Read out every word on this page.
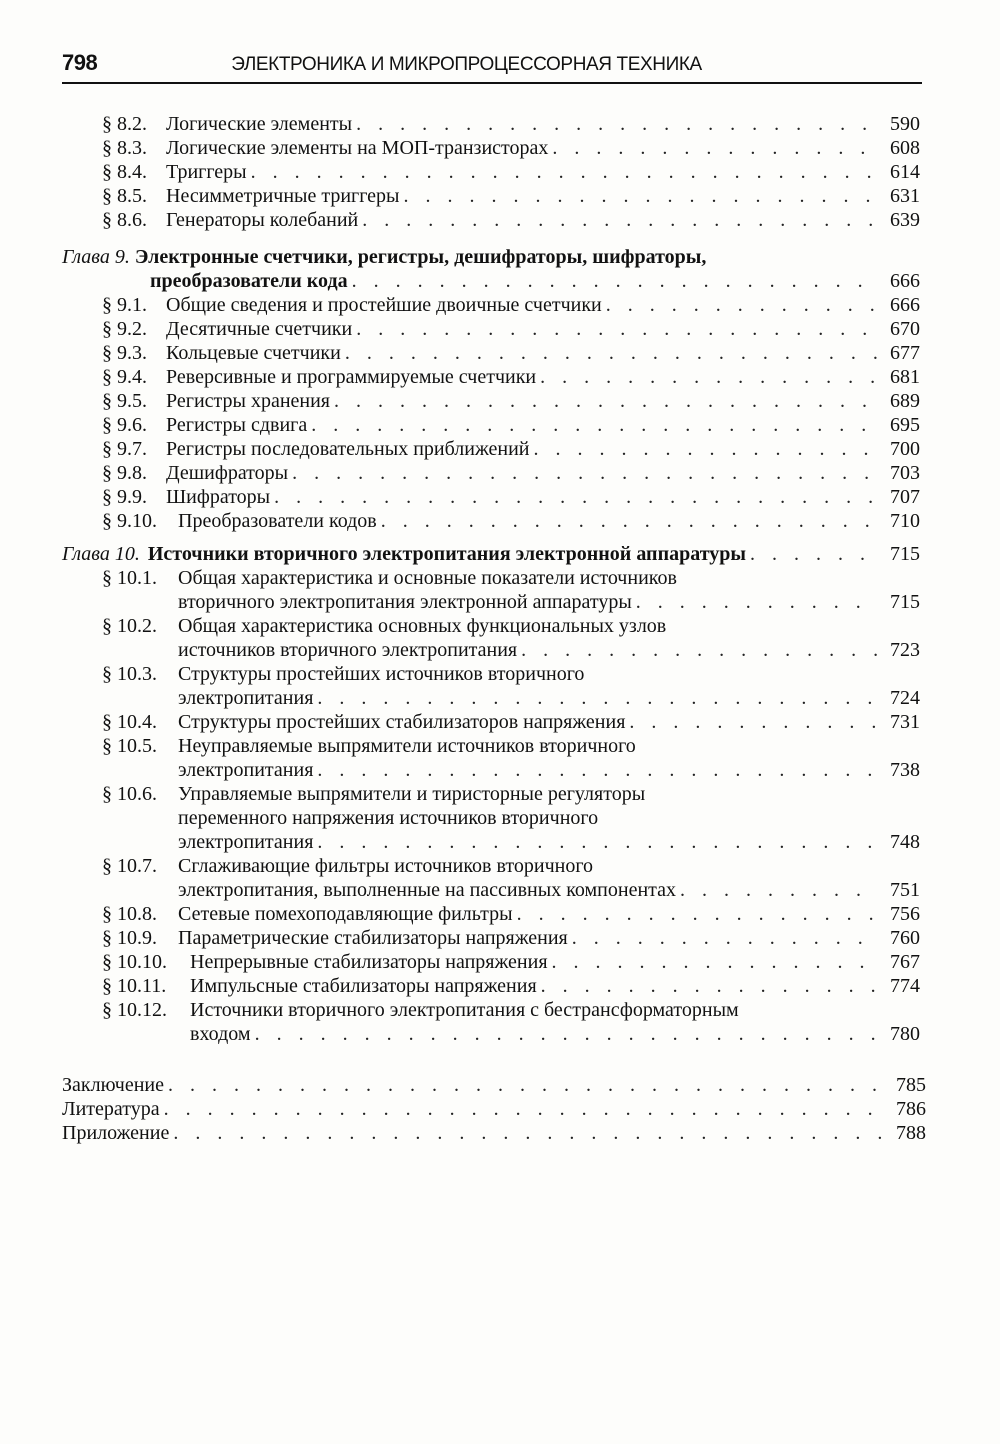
798	ЭЛЕКТРОНИКА И МИКРОПРОЦЕССОРНАЯ ТЕХНИКА
§ 8.2. Логические элементы . . .	590
§ 8.3. Логические элементы на МОП-транзисторах . . .	608
§ 8.4. Триггеры . . .	614
§ 8.5. Несимметричные триггеры . . .	631
§ 8.6. Генераторы колебаний . . .	639
Глава 9. Электронные счетчики, регистры, дешифраторы, шифраторы,
преобразователи кода . . .	666
§ 9.1. Общие сведения и простейшие двоичные счетчики . . .	666
§ 9.2. Десятичные счетчики . . .	670
§ 9.3. Кольцевые счетчики . . .	677
§ 9.4. Реверсивные и программируемые счетчики . . .	681
§ 9.5. Регистры хранения . . .	689
§ 9.6. Регистры сдвига . . .	695
§ 9.7. Регистры последовательных приближений . . .	700
§ 9.8. Дешифраторы . . .	703
§ 9.9. Шифраторы . . .	707
§ 9.10.	Преобразователи кодов . . .	710
Глава 10. Источники вторичного электропитания электронной аппаратуры . . .	715
§ 10.1. Общая характеристика и основные показатели источников
вторичного электропитания электронной аппаратуры . . .	715
§ 10.2. Общая характеристика основных функциональных узлов
источников вторичного электропитания . . .	723
§ 10.3. Структуры простейших источников вторичного
электропитания . . .	724
§ 10.4.	Структуры простейших стабилизаторов напряжения . . .	731
§ 10.5. Неуправляемые выпрямители источников вторичного
электропитания . . .	738
§ 10.6. Управляемые выпрямители и тиристорные регуляторы
переменного напряжения источников вторичного
электропитания . . .	748
§ 10.7. Сглаживающие фильтры источников вторичного
электропитания, выполненные на пассивных компонентах . . .	751
§ 10.8.	Сетевые помехоподавляющие фильтры . . .	756
§ 10.9.	Параметрические стабилизаторы напряжения . . .	760
§ 10.10.	Непрерывные стабилизаторы напряжения . . .	767
§ 10.11.	Импульсные стабилизаторы напряжения . . .	774
§ 10.12. Источники вторичного электропитания с бестрансформаторным
входом . . .	780
Заключение . . .	785
Литература . . .	786
Приложение . . .	788
